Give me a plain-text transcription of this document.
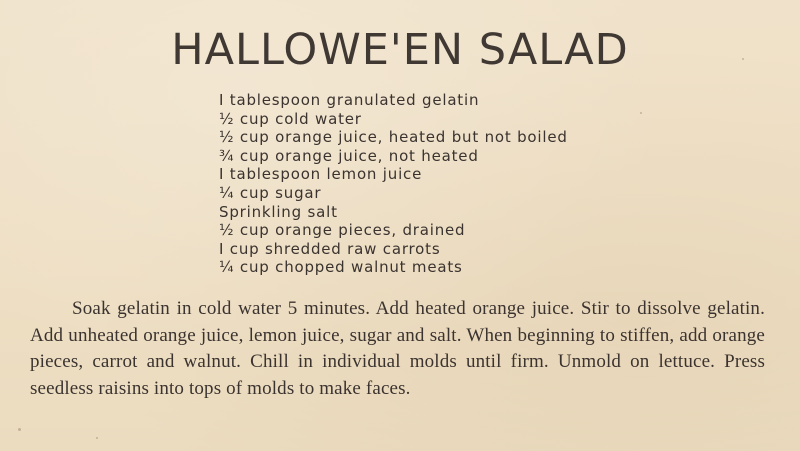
HALLOWE'EN SALAD
I tablespoon granulated gelatin
½ cup cold water
½ cup orange juice, heated but not boiled
¾ cup orange juice, not heated
I tablespoon lemon juice
¼ cup sugar
Sprinkling salt
½ cup orange pieces, drained
I cup shredded raw carrots
¼ cup chopped walnut meats

Soak gelatin in cold water 5 minutes. Add heated orange juice. Stir to dissolve gelatin. Add unheated orange juice, lemon juice, sugar and salt. When beginning to stiffen, add orange pieces, carrot and walnut. Chill in individual molds until firm. Unmold on lettuce. Press seedless raisins into tops of molds to make faces.
